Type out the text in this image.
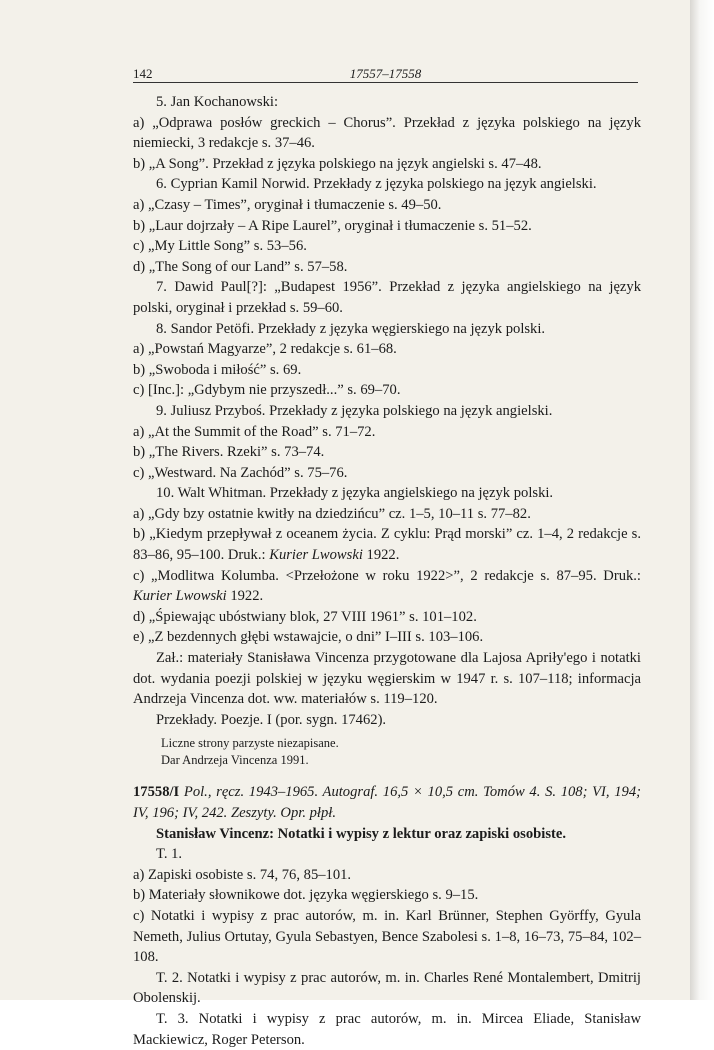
142	17557–17558

5. Jan Kochanowski:

a) „Odprawa posłów greckich – Chorus”. Przekład z języka polskiego na język niemiecki, 3 redakcje s. 37–46.

b) „A Song”. Przekład z języka polskiego na język angielski s. 47–48.

6. Cyprian Kamil Norwid. Przekłady z języka polskiego na język angielski.

a) „Czasy – Times”, oryginał i tłumaczenie s. 49–50.

b) „Laur dojrzały – A Ripe Laurel”, oryginał i tłumaczenie s. 51–52.

c) „My Little Song” s. 53–56.

d) „The Song of our Land” s. 57–58.

7. Dawid Paul[?]: „Budapest 1956”. Przekład z języka angielskiego na język polski, oryginał i przekład s. 59–60.

8. Sandor Petöfi. Przekłady z języka węgierskiego na język polski.

a) „Powstań Magyarze”, 2 redakcje s. 61–68.

b) „Swoboda i miłość” s. 69.

c) [Inc.]: „Gdybym nie przyszedł...” s. 69–70.

9. Juliusz Przyboś. Przekłady z języka polskiego na język angielski.

a) „At the Summit of the Road” s. 71–72.

b) „The Rivers. Rzeki” s. 73–74.

c) „Westward. Na Zachód” s. 75–76.

10. Walt Whitman. Przekłady z języka angielskiego na język polski.

a) „Gdy bzy ostatnie kwitły na dziedzińcu” cz. 1–5, 10–11 s. 77–82.

b) „Kiedym przepływał z oceanem życia. Z cyklu: Prąd morski” cz. 1–4, 2 redakcje s. 83–86, 95–100. Druk.: Kurier Lwowski 1922.

c) „Modlitwa Kolumba. <Przełożone w roku 1922>”, 2 redakcje s. 87–95. Druk.: Kurier Lwowski 1922.

d) „Śpiewając ubóstwiany blok, 27 VIII 1961” s. 101–102.

e) „Z bezdennych głębi wstawajcie, o dni” I–III s. 103–106.

Zał.: materiały Stanisława Vincenza przygotowane dla Lajosa Apriły'ego i notatki dot. wydania poezji polskiej w języku węgierskim w 1947 r. s. 107–118; informacja Andrzeja Vincenza dot. ww. materiałów s. 119–120.

Przekłady. Poezje. I (por. sygn. 17462).

Liczne strony parzyste niezapisane.

Dar Andrzeja Vincenza 1991.

17558/I Pol., ręcz. 1943–1965. Autograf. 16,5 × 10,5 cm. Tomów 4. S. 108; VI, 194; IV, 196; IV, 242. Zeszyty. Opr. płpł.

Stanisław Vincenz: Notatki i wypisy z lektur oraz zapiski osobiste.

T. 1.

a) Zapiski osobiste s. 74, 76, 85–101.

b) Materiały słownikowe dot. języka węgierskiego s. 9–15.

c) Notatki i wypisy z prac autorów, m. in. Karl Brünner, Stephen Györffy, Gyula Nemeth, Julius Ortutay, Gyula Sebastyen, Bence Szabolesi s. 1–8, 16–73, 75–84, 102–108.

T. 2. Notatki i wypisy z prac autorów, m. in. Charles René Montalembert, Dmitrij Obolenskij.

T. 3. Notatki i wypisy z prac autorów, m. in. Mircea Eliade, Stanisław Mackiewicz, Roger Peterson.
